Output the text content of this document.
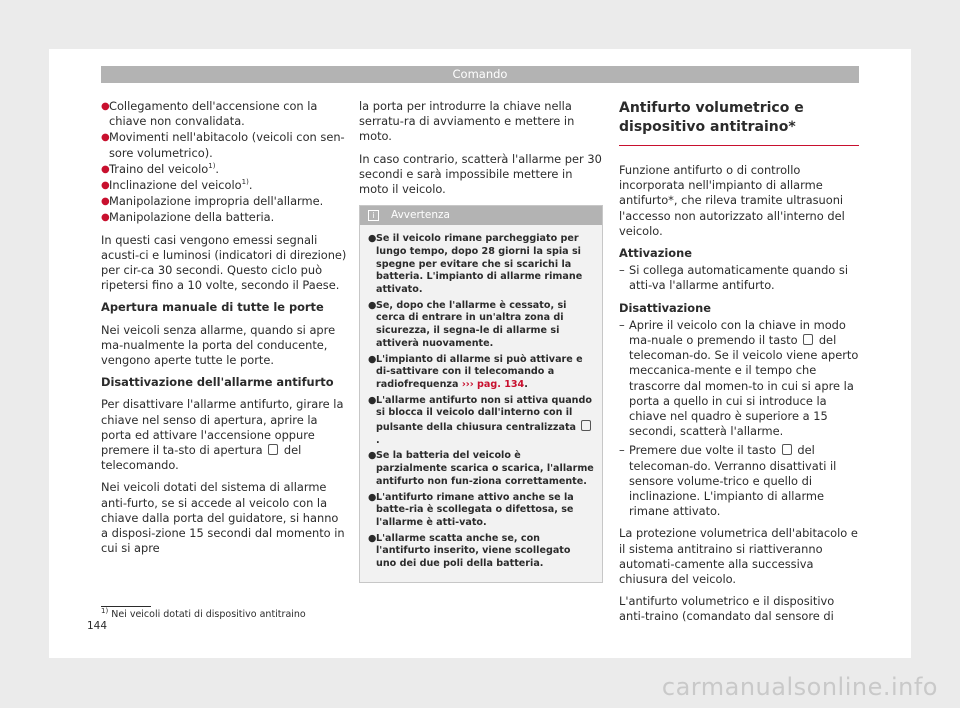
Comando
● Collegamento dell'accensione con la chiave non convalidata.
● Movimenti nell'abitacolo (veicoli con sen-sore volumetrico).
● Traino del veicolo$^{1)}$.
● Inclinazione del veicolo$^{1)}$.
● Manipolazione impropria dell'allarme.
● Manipolazione della batteria.

In questi casi vengono emessi segnali acusti-ci e luminosi (indicatori di direzione) per cir-ca 30 secondi. Questo ciclo può ripetersi fino a 10 volte, secondo il Paese.

Apertura manuale di tutte le porte

Nei veicoli senza allarme, quando si apre ma-nualmente la porta del conducente, vengono aperte tutte le porte.

Disattivazione dell'allarme antifurto

Per disattivare l'allarme antifurto, girare la chiave nel senso di apertura, aprire la porta ed attivare l'accensione oppure premere il ta-sto di apertura del telecomando.

Nei veicoli dotati del sistema di allarme anti-furto, se si accede al veicolo con la chiave dalla porta del guidatore, si hanno a disposi-zione 15 secondi dal momento in cui si apre

la porta per introdurre la chiave nella serratu-ra di avviamento e mettere in moto.

In caso contrario, scatterà l'allarme per 30 secondi e sarà impossibile mettere in moto il veicolo.

i Avvertenza
● Se il veicolo rimane parcheggiato per lungo tempo, dopo 28 giorni la spia si spegne per evitare che si scarichi la batteria. L'impianto di allarme rimane attivato.
● Se, dopo che l'allarme è cessato, si cerca di entrare in un'altra zona di sicurezza, il segna-le di allarme si attiverà nuovamente.
● L'impianto di allarme si può attivare e di-sattivare con il telecomando a radiofrequenza ››› pag. 134.
● L'allarme antifurto non si attiva quando si blocca il veicolo dall'interno con il pulsante della chiusura centralizzata .
● Se la batteria del veicolo è parzialmente scarica o scarica, l'allarme antifurto non fun-ziona correttamente.
● L'antifurto rimane attivo anche se la batte-ria è scollegata o difettosa, se l'allarme è atti-vato.
● L'allarme scatta anche se, con l'antifurto inserito, viene scollegato uno dei due poli della batteria.
Antifurto volumetrico e dispositivo antitraino*

Funzione antifurto o di controllo incorporata nell'impianto di allarme antifurto*, che rileva tramite ultrasuoni l'accesso non autorizzato all'interno del veicolo.

Attivazione

– Si collega automaticamente quando si atti-va l'allarme antifurto.

Disattivazione

– Aprire il veicolo con la chiave in modo ma-nuale o premendo il tasto del telecoman-do. Se il veicolo viene aperto meccanica-mente e il tempo che trascorre dal momen-to in cui si apre la porta a quello in cui si introduce la chiave nel quadro è superiore a 15 secondi, scatterà l'allarme.
– Premere due volte il tasto del telecoman-do. Verranno disattivati il sensore volume-trico e quello di inclinazione. L'impianto di allarme rimane attivato.

La protezione volumetrica dell'abitacolo e il sistema antitraino si riattiveranno automati-camente alla successiva chiusura del veicolo.

L'antifurto volumetrico e il dispositivo anti-traino (comandato dal sensore di

$^{1)}$ Nei veicoli dotati di dispositivo antitraino
144
carmanualsonline.info
